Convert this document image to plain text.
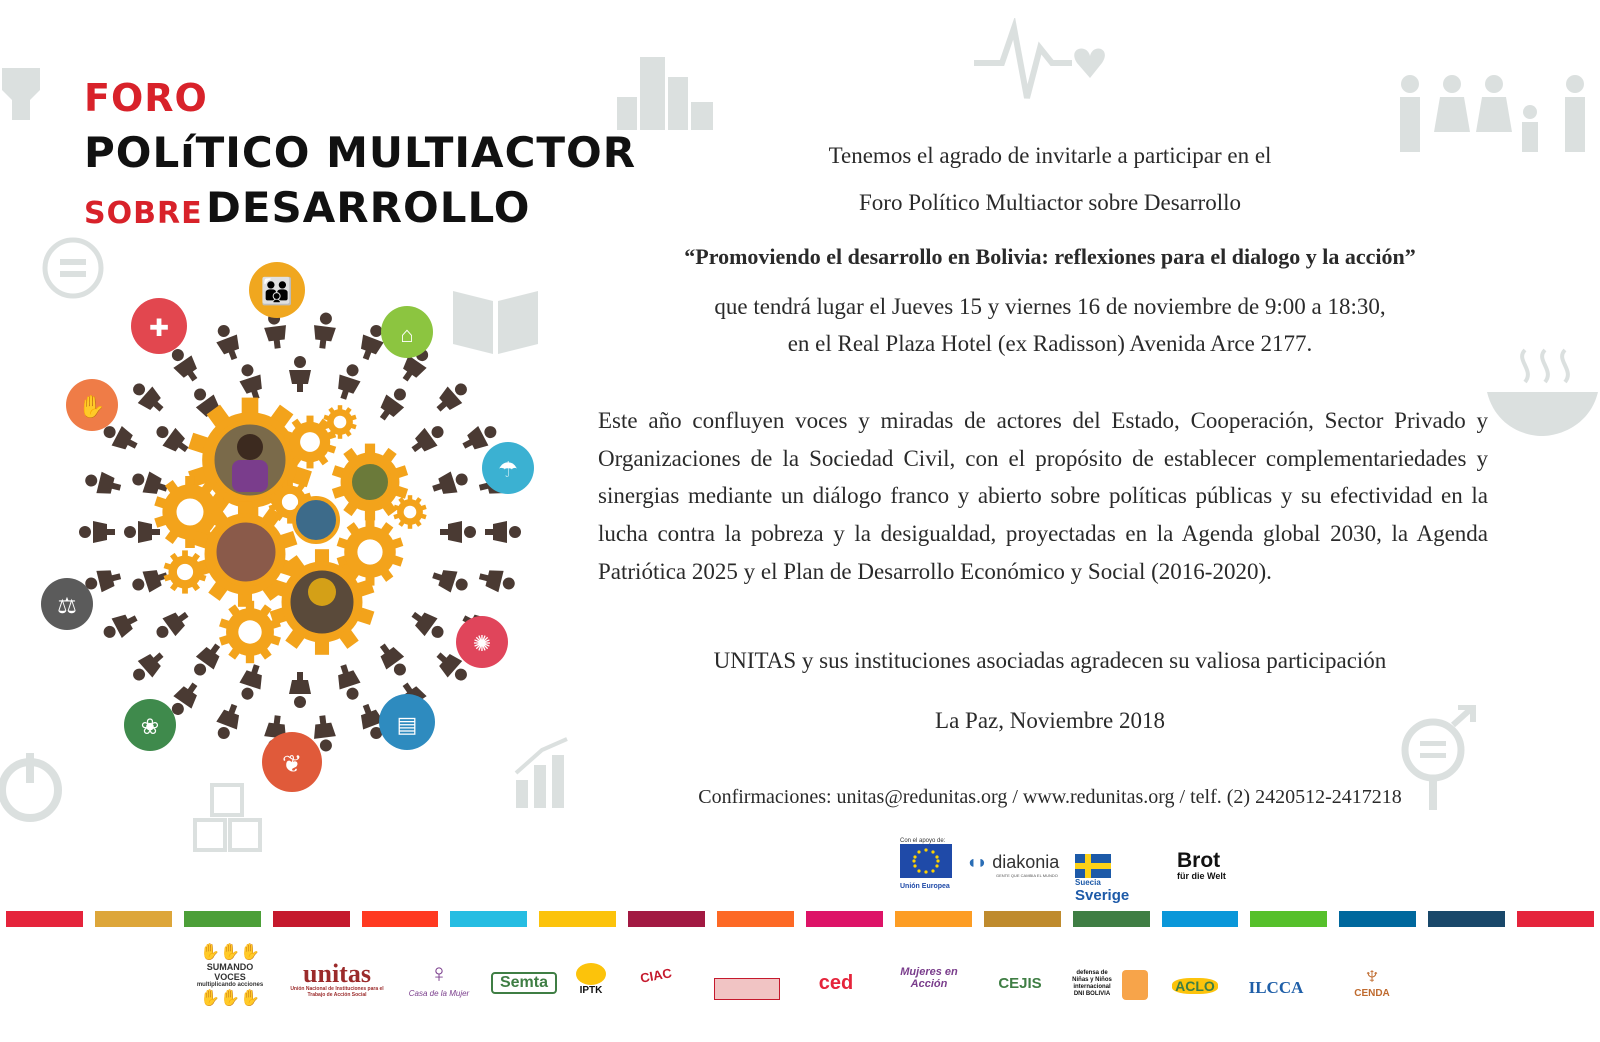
FORO
POLíTICO MULTIACTOR
SOBRE DESARROLLO
👪
✚	⌂
✋
☂
⚖
✺
❀	▤
❦
Tenemos el agrado de invitarle a participar en el
Foro Político Multiactor sobre Desarrollo
“Promoviendo el desarrollo en Bolivia: reflexiones para el dialogo y la acción”
que tendrá lugar el Jueves 15 y viernes 16 de noviembre de 9:00 a 18:30,
en el Real Plaza Hotel (ex Radisson) Avenida Arce 2177.
Este año confluyen voces y miradas de actores del Estado, Cooperación, Sector Privado y Organizaciones de la Sociedad Civil, con el propósito de establecer complementariedades y sinergias mediante un diálogo franco y abierto sobre políticas públicas y su efectividad en la lucha contra la pobreza y la desigualdad, proyectadas en la Agenda global 2030, la Agenda Patriótica 2025 y el Plan de Desarrollo Económico y Social (2016-2020).
UNITAS y sus instituciones asociadas agradecen su valiosa participación
La Paz, Noviembre 2018
Confirmaciones: unitas@redunitas.org / www.redunitas.org / telf. (2) 2420512-2417218
Con el apoyo de:
Unión Europea
◖◗ diakonia
GENTE QUE CAMBIA EL MUNDO
Suecia
Sverige
Brot
für die Welt
✋✋✋
SUMANDO VOCES
multiplicando acciones
✋✋✋
unitas
Unión Nacional de Instituciones para el Trabajo de Acción Social
♀
Casa de la Mujer
Semta	IPTK
CIAC	ced	Mujeres en Acción	CEJIS
defensa de
Niñas y Niños
internacional
DNI BOLIVIA	ACLO ILCCA	♆
CENDA
